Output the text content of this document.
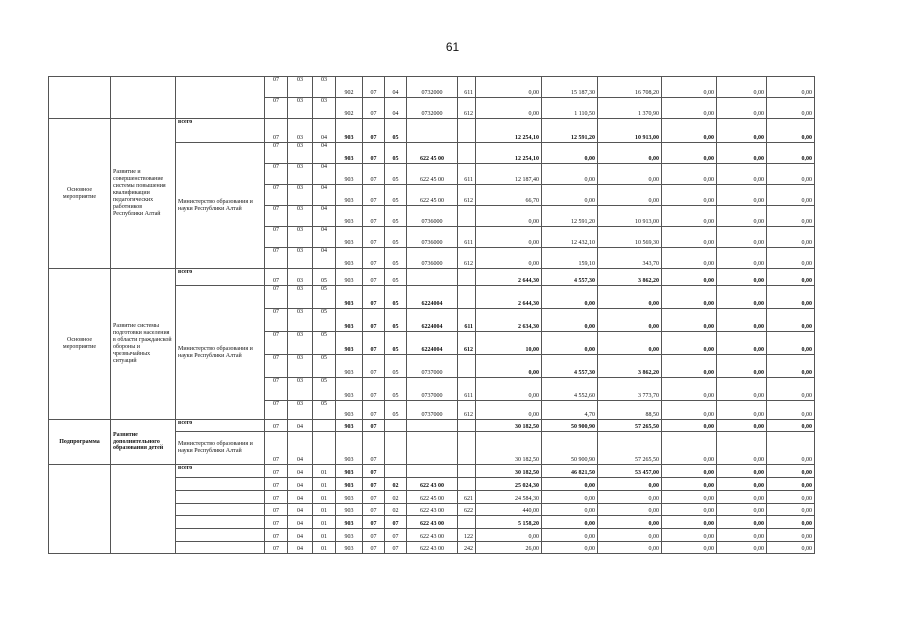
61
			07	03	03	902	07	04	0732000	611	0,00	15 187,30	16 708,20	0,00	0,00	0,00
			07	03	03	902	07	04	0732000	612	0,00	1 110,50	1 370,90	0,00	0,00	0,00
Основное мероприятие	Развитие и совершенствование системы повышения квалификации педагогических работников Республики Алтай	всего	07	03	04	903	07	05			12 254,10	12 591,20	10 913,00	0,00	0,00	0,00
		Министерство образования и науки Республики Алтай	07	03	04	903	07	05	622 45 00		12 254,10	0,00	0,00	0,00	0,00	0,00
			07	03	04	903	07	05	622 45 00	611	12 187,40	0,00	0,00	0,00	0,00	0,00
			07	03	04	903	07	05	622 45 00	612	66,70	0,00	0,00	0,00	0,00	0,00
			07	03	04	903	07	05	0736000		0,00	12 591,20	10 913,00	0,00	0,00	0,00
			07	03	04	903	07	05	0736000	611	0,00	12 432,10	10 569,30	0,00	0,00	0,00
			07	03	04	903	07	05	0736000	612	0,00	159,10	343,70	0,00	0,00	0,00
Основное мероприятие	Развитие системы подготовки населения в области гражданской обороны и чрезвычайных ситуаций	всего	07	03	05	903	07	05			2 644,30	4 557,30	3 862,20	0,00	0,00	0,00
		Министерство образования и науки Республики Алтай	07	03	05	903	07	05	6224004		2 644,30	0,00	0,00	0,00	0,00	0,00
			07	03	05	903	07	05	6224004	611	2 634,30	0,00	0,00	0,00	0,00	0,00
			07	03	05	903	07	05	6224004	612	10,00	0,00	0,00	0,00	0,00	0,00
			07	03	05	903	07	05	0737000		0,00	4 557,30	3 862,20	0,00	0,00	0,00
			07	03	05	903	07	05	0737000	611	0,00	4 552,60	3 773,70	0,00	0,00	0,00
			07	03	05	903	07	05	0737000	612	0,00	4,70	88,50	0,00	0,00	0,00
Подпрограмма	Развитие дополнительного образования детей	всего	07	04		903	07				30 182,50	50 900,90	57 265,50	0,00	0,00	0,00
		Министерство образования и науки Республики Алтай	07	04		903	07				30 182,50	50 900,90	57 265,50	0,00	0,00	0,00
		всего	07	04	01	903	07				30 182,50	46 821,50	53 457,00	0,00	0,00	0,00
			07	04	01	903	07	02	622 43 00		25 024,30	0,00	0,00	0,00	0,00	0,00
			07	04	01	903	07	02	622 45 00	621	24 584,30	0,00	0,00	0,00	0,00	0,00
			07	04	01	903	07	02	622 43 00	622	440,00	0,00	0,00	0,00	0,00	0,00
			07	04	01	903	07	07	622 43 00		5 158,20	0,00	0,00	0,00	0,00	0,00
			07	04	01	903	07	07	622 43 00	122	0,00	0,00	0,00	0,00	0,00	0,00
			07	04	01	903	07	07	622 43 00	242	26,00	0,00	0,00	0,00	0,00	0,00
